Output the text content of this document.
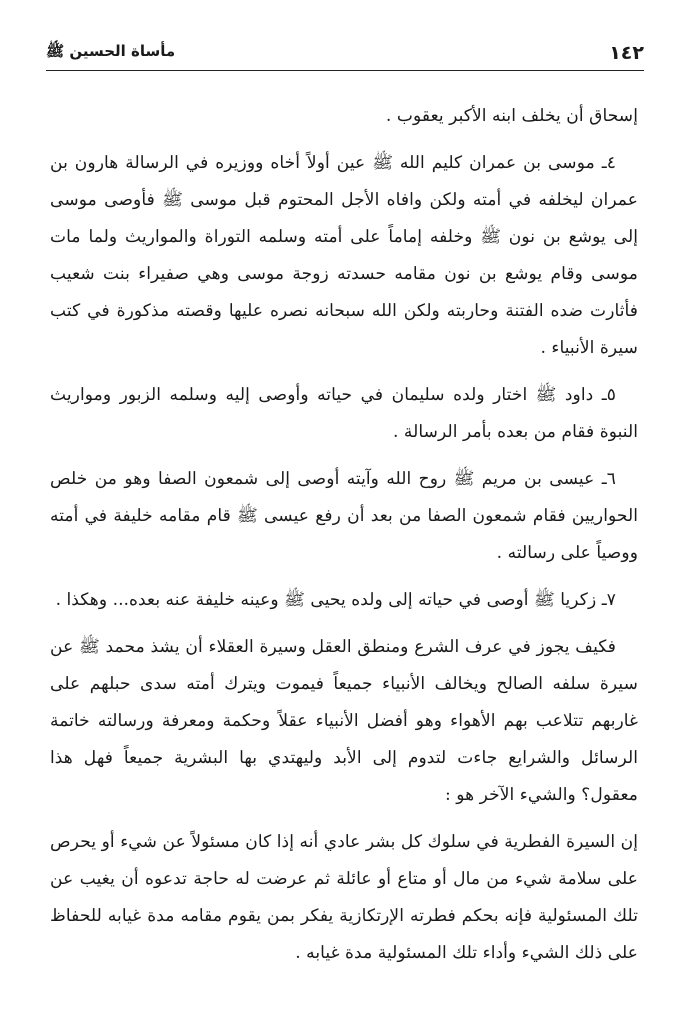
١٤٢
مأساة الحسين ﷺ

إسحاق أن يخلف ابنه الأكبر يعقوب .

٤ـ موسى بن عمران كليم الله ﷺ عين أولاً أخاه ووزيره في الرسالة هارون بن عمران ليخلفه في أمته ولكن وافاه الأجل المحتوم قبل موسى ﷺ فأوصى موسى إلى يوشع بن نون ﷺ وخلفه إماماً على أمته وسلمه التوراة والمواريث ولما مات موسى وقام يوشع بن نون مقامه حسدته زوجة موسى وهي صفيراء بنت شعيب فأثارت ضده الفتنة وحاربته ولكن الله سبحانه نصره عليها وقصته مذكورة في كتب سيرة الأنبياء .

٥ـ داود ﷺ اختار ولده سليمان في حياته وأوصى إليه وسلمه الزبور ومواريث النبوة فقام من بعده بأمر الرسالة .

٦ـ عيسى بن مريم ﷺ روح الله وآيته أوصى إلى شمعون الصفا وهو من خلص الحواريين فقام شمعون الصفا من بعد أن رفع عيسى ﷺ قام مقامه خليفة في أمته ووصياً على رسالته .

٧ـ زكريا ﷺ أوصى في حياته إلى ولده يحيى ﷺ وعينه خليفة عنه بعده... وهكذا .

فكيف يجوز في عرف الشرع ومنطق العقل وسيرة العقلاء أن يشذ محمد ﷺ عن سيرة سلفه الصالح ويخالف الأنبياء جميعاً فيموت ويترك أمته سدى حبلهم على غاربهم تتلاعب بهم الأهواء وهو أفضل الأنبياء عقلاً وحكمة ومعرفة ورسالته خاتمة الرسائل والشرايع جاءت لتدوم إلى الأبد وليهتدي بها البشرية جميعاً فهل هذا معقول؟ والشيء الآخر هو :

إن السيرة الفطرية في سلوك كل بشر عادي أنه إذا كان مسئولاً عن شيء أو يحرص على سلامة شيء من مال أو متاع أو عائلة ثم عرضت له حاجة تدعوه أن يغيب عن تلك المسئولية فإنه بحكم فطرته الإرتكازية يفكر بمن يقوم مقامه مدة غيابه للحفاظ على ذلك الشيء وأداء تلك المسئولية مدة غيابه .
